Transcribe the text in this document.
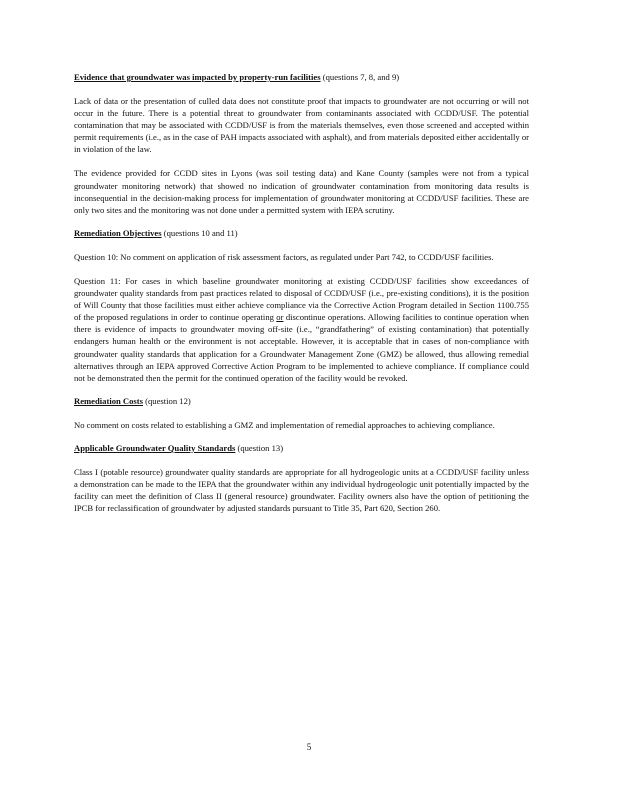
Evidence that groundwater was impacted by property-run facilities (questions 7, 8, and 9)

Lack of data or the presentation of culled data does not constitute proof that impacts to groundwater are not occurring or will not occur in the future. There is a potential threat to groundwater from contaminants associated with CCDD/USF. The potential contamination that may be associated with CCDD/USF is from the materials themselves, even those screened and accepted within permit requirements (i.e., as in the case of PAH impacts associated with asphalt), and from materials deposited either accidentally or in violation of the law.

The evidence provided for CCDD sites in Lyons (was soil testing data) and Kane County (samples were not from a typical groundwater monitoring network) that showed no indication of groundwater contamination from monitoring data results is inconsequential in the decision-making process for implementation of groundwater monitoring at CCDD/USF facilities. These are only two sites and the monitoring was not done under a permitted system with IEPA scrutiny.

Remediation Objectives (questions 10 and 11)

Question 10: No comment on application of risk assessment factors, as regulated under Part 742, to CCDD/USF facilities.

Question 11: For cases in which baseline groundwater monitoring at existing CCDD/USF facilities show exceedances of groundwater quality standards from past practices related to disposal of CCDD/USF (i.e., pre-existing conditions), it is the position of Will County that those facilities must either achieve compliance via the Corrective Action Program detailed in Section 1100.755 of the proposed regulations in order to continue operating or discontinue operations. Allowing facilities to continue operation when there is evidence of impacts to groundwater moving off-site (i.e., “grandfathering” of existing contamination) that potentially endangers human health or the environment is not acceptable. However, it is acceptable that in cases of non-compliance with groundwater quality standards that application for a Groundwater Management Zone (GMZ) be allowed, thus allowing remedial alternatives through an IEPA approved Corrective Action Program to be implemented to achieve compliance. If compliance could not be demonstrated then the permit for the continued operation of the facility would be revoked.

Remediation Costs (question 12)

No comment on costs related to establishing a GMZ and implementation of remedial approaches to achieving compliance.

Applicable Groundwater Quality Standards (question 13)

Class I (potable resource) groundwater quality standards are appropriate for all hydrogeologic units at a CCDD/USF facility unless a demonstration can be made to the IEPA that the groundwater within any individual hydrogeologic unit potentially impacted by the facility can meet the definition of Class II (general resource) groundwater. Facility owners also have the option of petitioning the IPCB for reclassification of groundwater by adjusted standards pursuant to Title 35, Part 620, Section 260.

5
